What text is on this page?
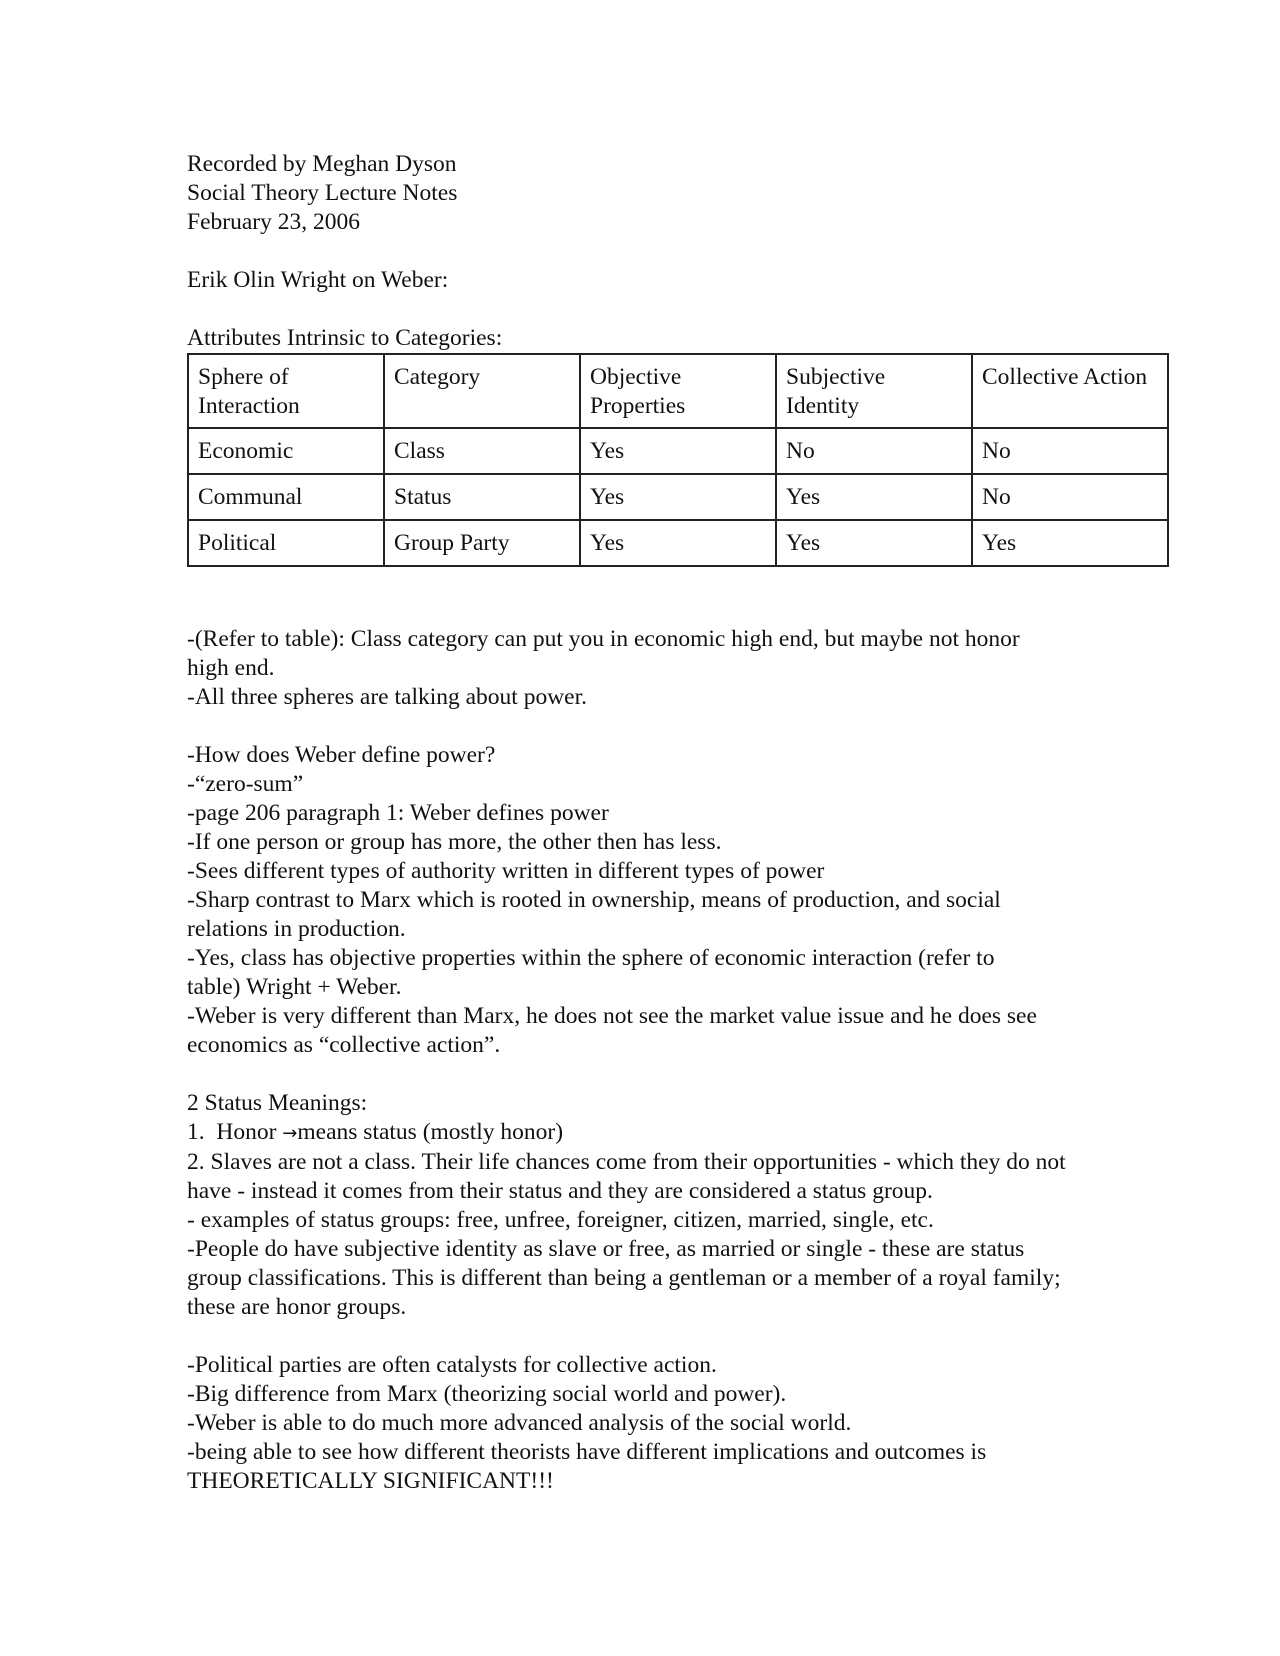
Recorded by Meghan Dyson

Social Theory Lecture Notes

February 23, 2006

Erik Olin Wright on Weber:

Attributes Intrinsic to Categories:

Sphere of Interaction	Category	Objective Properties	Subjective Identity	Collective Action
Economic	Class	Yes	No	No
Communal	Status	Yes	Yes	No
Political	Group Party	Yes	Yes	Yes

-(Refer to table): Class category can put you in economic high end, but maybe not honor high end.

-All three spheres are talking about power.

-How does Weber define power?

-“zero-sum”

-page 206 paragraph 1: Weber defines power

-If one person or group has more, the other then has less.

-Sees different types of authority written in different types of power

-Sharp contrast to Marx which is rooted in ownership, means of production, and social relations in production.

-Yes, class has objective properties within the sphere of economic interaction (refer to table) Wright + Weber.

-Weber is very different than Marx, he does not see the market value issue and he does see economics as “collective action”.

2 Status Meanings:

1.  Honor →means status (mostly honor)

2. Slaves are not a class. Their life chances come from their opportunities - which they do not have - instead it comes from their status and they are considered a status group.

- examples of status groups: free, unfree, foreigner, citizen, married, single, etc.

-People do have subjective identity as slave or free, as married or single - these are status group classifications. This is different than being a gentleman or a member of a royal family; these are honor groups.

-Political parties are often catalysts for collective action.

-Big difference from Marx (theorizing social world and power).

-Weber is able to do much more advanced analysis of the social world.

-being able to see how different theorists have different implications and outcomes is THEORETICALLY SIGNIFICANT!!!
